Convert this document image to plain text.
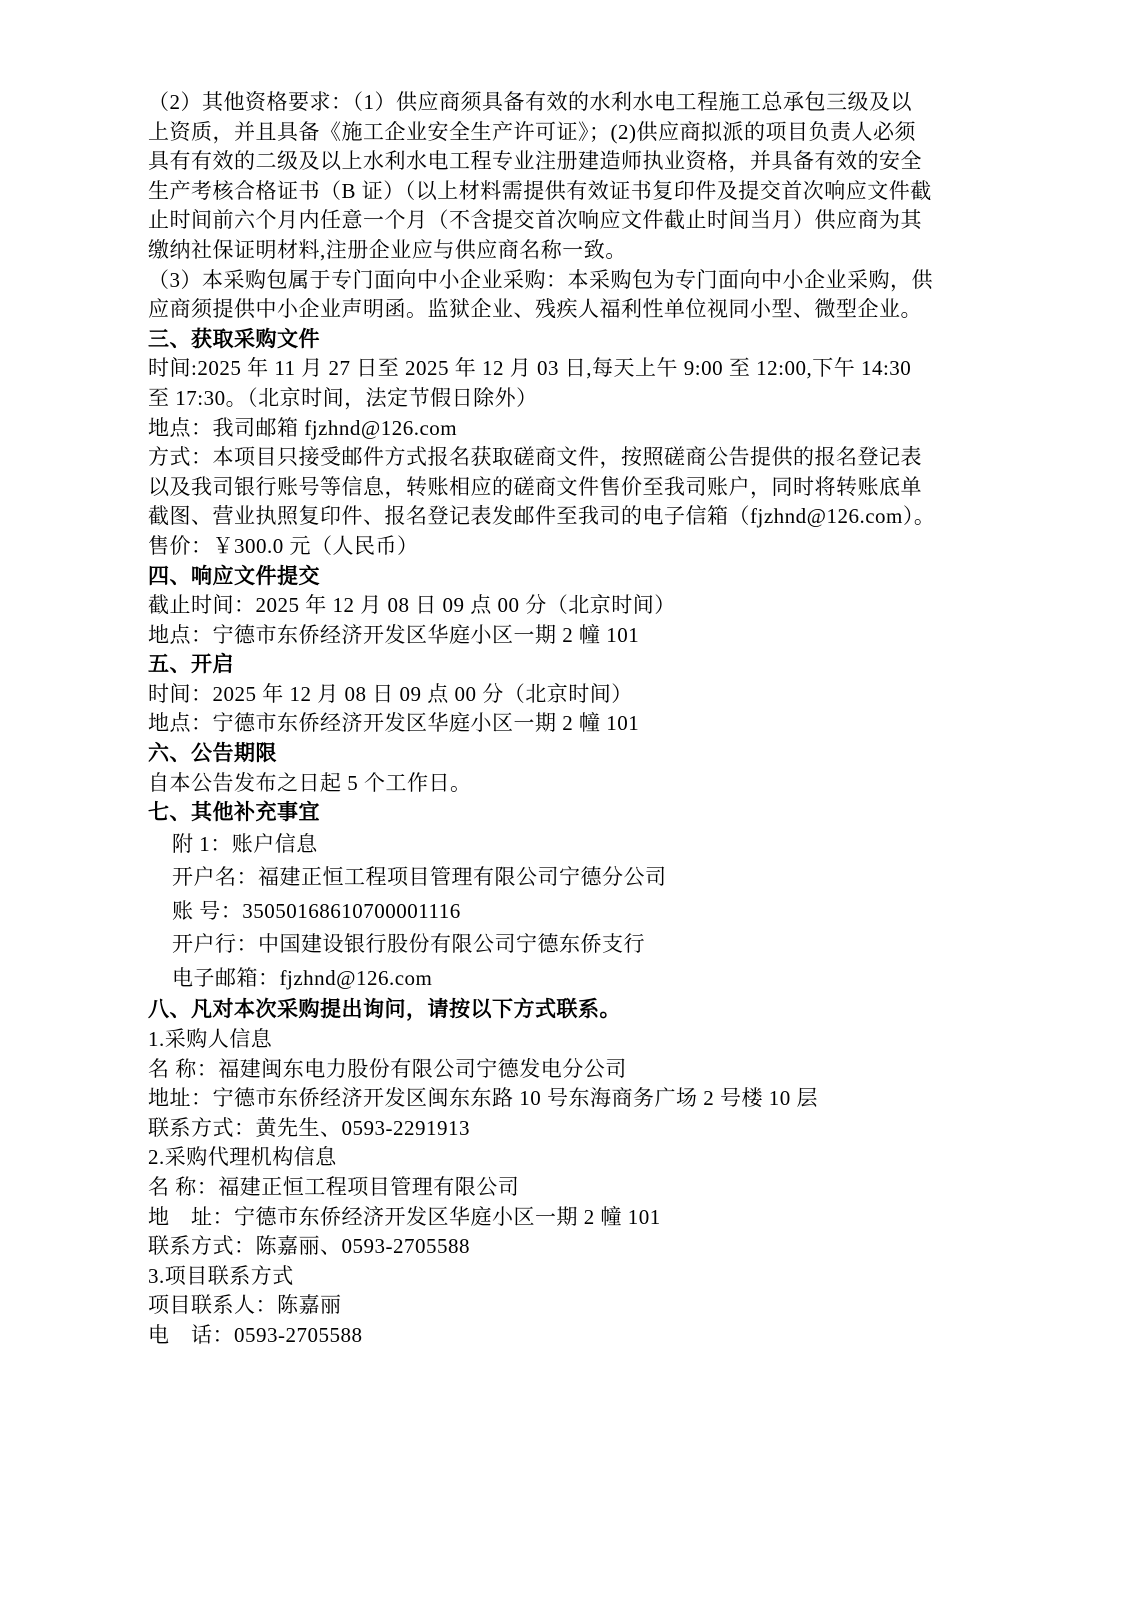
（2）其他资格要求：（1）供应商须具备有效的水利水电工程施工总承包三级及以
上资质，并且具备《施工企业安全生产许可证》；(2)供应商拟派的项目负责人必须
具有有效的二级及以上水利水电工程专业注册建造师执业资格，并具备有效的安全
生产考核合格证书（B 证）（以上材料需提供有效证书复印件及提交首次响应文件截
止时间前六个月内任意一个月（不含提交首次响应文件截止时间当月）供应商为其
缴纳社保证明材料,注册企业应与供应商名称一致。
（3）本采购包属于专门面向中小企业采购：本采购包为专门面向中小企业采购，供
应商须提供中小企业声明函。监狱企业、残疾人福利性单位视同小型、微型企业。
三、获取采购文件
时间:2025 年 11 月 27 日至 2025 年 12 月 03 日,每天上午 9:00 至 12:00,下午 14:30
至 17:30。（北京时间，法定节假日除外）
地点：我司邮箱 fjzhnd@126.com
方式：本项目只接受邮件方式报名获取磋商文件，按照磋商公告提供的报名登记表
以及我司银行账号等信息，转账相应的磋商文件售价至我司账户，同时将转账底单
截图、营业执照复印件、报名登记表发邮件至我司的电子信箱（fjzhnd@126.com）。
售价：￥300.0 元（人民币）
四、响应文件提交
截止时间：2025 年 12 月 08 日 09 点 00 分（北京时间）
地点：宁德市东侨经济开发区华庭小区一期 2 幢 101
五、开启
时间：2025 年 12 月 08 日 09 点 00 分（北京时间）
地点：宁德市东侨经济开发区华庭小区一期 2 幢 101
六、公告期限
自本公告发布之日起 5 个工作日。
七、其他补充事宜
附 1：账户信息
开户名：福建正恒工程项目管理有限公司宁德分公司
账 号：35050168610700001116
开户行：中国建设银行股份有限公司宁德东侨支行
电子邮箱：fjzhnd@126.com
八、凡对本次采购提出询问，请按以下方式联系。
1.采购人信息
名 称：福建闽东电力股份有限公司宁德发电分公司
地址：宁德市东侨经济开发区闽东东路 10 号东海商务广场 2 号楼 10 层
联系方式：黄先生、0593-2291913
2.采购代理机构信息
名 称：福建正恒工程项目管理有限公司
地　址：宁德市东侨经济开发区华庭小区一期 2 幢 101
联系方式：陈嘉丽、0593-2705588
3.项目联系方式
项目联系人：陈嘉丽
电　话：0593-2705588
